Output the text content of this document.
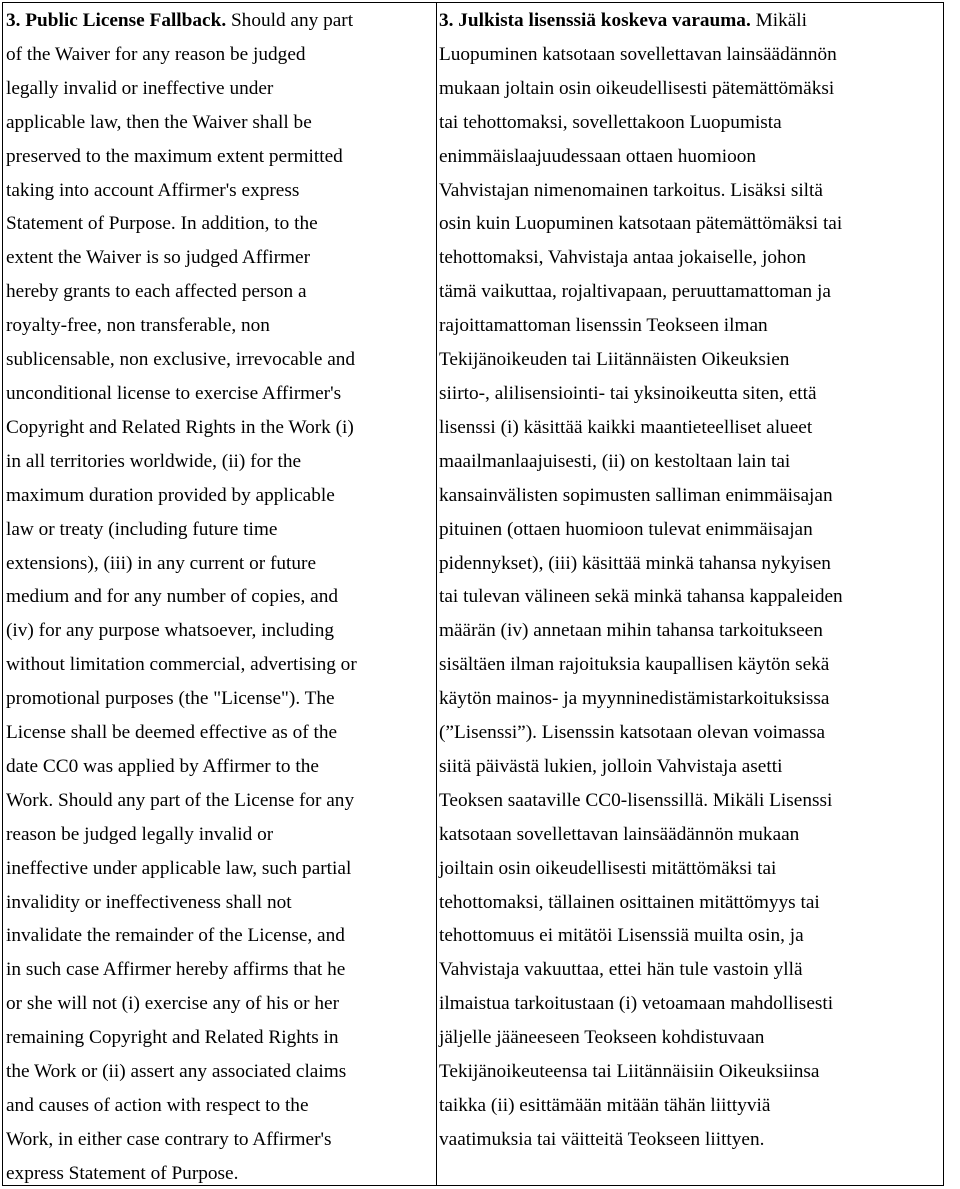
3. Public License Fallback. Should any part
of the Waiver for any reason be judged
legally invalid or ineffective under
applicable law, then the Waiver shall be
preserved to the maximum extent permitted
taking into account Affirmer's express
Statement of Purpose. In addition, to the
extent the Waiver is so judged Affirmer
hereby grants to each affected person a
royalty-free, non transferable, non
sublicensable, non exclusive, irrevocable and
unconditional license to exercise Affirmer's
Copyright and Related Rights in the Work (i)
in all territories worldwide, (ii) for the
maximum duration provided by applicable
law or treaty (including future time
extensions), (iii) in any current or future
medium and for any number of copies, and
(iv) for any purpose whatsoever, including
without limitation commercial, advertising or
promotional purposes (the "License"). The
License shall be deemed effective as of the
date CC0 was applied by Affirmer to the
Work. Should any part of the License for any
reason be judged legally invalid or
ineffective under applicable law, such partial
invalidity or ineffectiveness shall not
invalidate the remainder of the License, and
in such case Affirmer hereby affirms that he
or she will not (i) exercise any of his or her
remaining Copyright and Related Rights in
the Work or (ii) assert any associated claims
and causes of action with respect to the
Work, in either case contrary to Affirmer's
express Statement of Purpose.
3. Julkista lisenssiä koskeva varauma. Mikäli
Luopuminen katsotaan sovellettavan lainsäädännön
mukaan joltain osin oikeudellisesti pätemättömäksi
tai tehottomaksi, sovellettakoon Luopumista
enimmäislaajuudessaan ottaen huomioon
Vahvistajan nimenomainen tarkoitus. Lisäksi siltä
osin kuin Luopuminen katsotaan pätemättömäksi tai
tehottomaksi, Vahvistaja antaa jokaiselle, johon
tämä vaikuttaa, rojaltivapaan, peruuttamattoman ja
rajoittamattoman lisenssin Teokseen ilman
Tekijänoikeuden tai Liitännäisten Oikeuksien
siirto-, alilisensiointi- tai yksinoikeutta siten, että
lisenssi (i) käsittää kaikki maantieteelliset alueet
maailmanlaajuisesti, (ii) on kestoltaan lain tai
kansainvälisten sopimusten salliman enimmäisajan
pituinen (ottaen huomioon tulevat enimmäisajan
pidennykset), (iii) käsittää minkä tahansa nykyisen
tai tulevan välineen sekä minkä tahansa kappaleiden
määrän (iv) annetaan mihin tahansa tarkoitukseen
sisältäen ilman rajoituksia kaupallisen käytön sekä
käytön mainos- ja myynninedistämistarkoituksissa
(”Lisenssi”). Lisenssin katsotaan olevan voimassa
siitä päivästä lukien, jolloin Vahvistaja asetti
Teoksen saataville CC0-lisenssillä. Mikäli Lisenssi
katsotaan sovellettavan lainsäädännön mukaan
joiltain osin oikeudellisesti mitättömäksi tai
tehottomaksi, tällainen osittainen mitättömyys tai
tehottomuus ei mitätöi Lisenssiä muilta osin, ja
Vahvistaja vakuuttaa, ettei hän tule vastoin yllä
ilmaistua tarkoitustaan (i) vetoamaan mahdollisesti
jäljelle jääneeseen Teokseen kohdistuvaan
Tekijänoikeuteensa tai Liitännäisiin Oikeuksiinsa
taikka (ii) esittämään mitään tähän liittyviä
vaatimuksia tai väitteitä Teokseen liittyen.
